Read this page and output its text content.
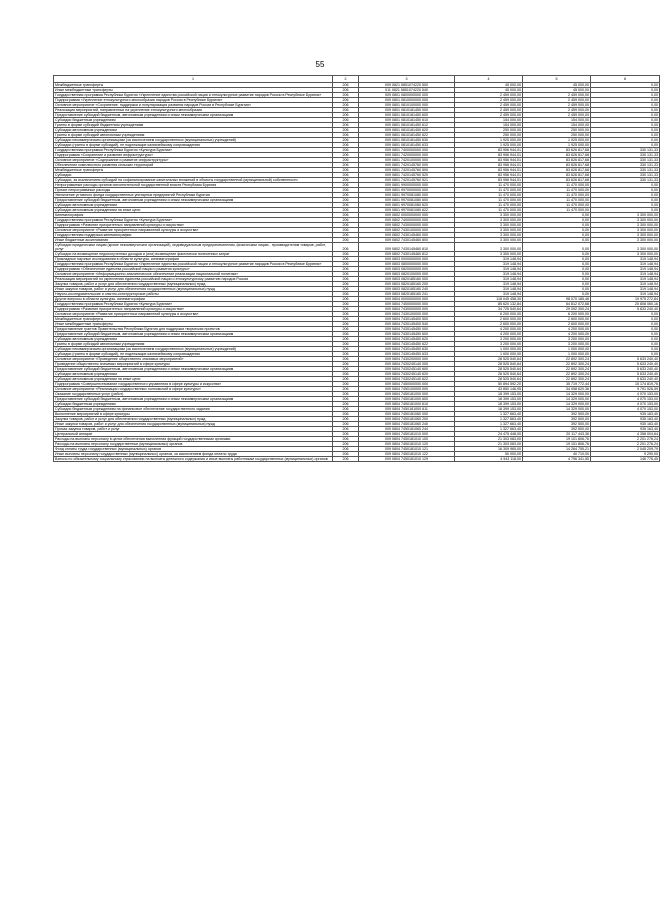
55
1	2	3	4	5	6
Межбюджетные трансферты	206	009 0821 5851074220 500	45 000,00	45 000,00	0,00
Иные межбюджетные трансферты	206	011 0821 5851074220 540	45 000,00	45 000,00	0,00
Государственная программа Республики Бурятия «Укрепление единства российской нации и этнокультурное развитие народов России в Республике Бурятия»	206	009 0801 0800000000 000	2 459 000,00	2 459 000,00	0,00
Подпрограмма «Укрепление этнокультурного многообразия народов России в Республике Бурятия»	206	009 0801 0810000000 000	2 459 000,00	2 459 000,00	0,00
Основное мероприятие «Сохранение, поддержка и популяризация развития народов России в Республике Бурятия»	206	009 0801 0810100000 000	2 459 000,00	2 459 000,00	0,00
Реализация мероприятий, направленных на укрепление этнокультурного многообразия	206	009 0801 0810181450 000	2 459 000,00	2 459 000,00	0,00
Предоставление субсидий бюджетным, автономным учреждениям и иным некоммерческим организациям	206	009 0801 0810181450 600	2 459 000,00	2 459 000,00	0,00
Субсидии бюджетным учреждениям	206	009 0801 0810181450 610	154 000,00	154 000,00	0,00
Гранты в форме субсидий бюджетным учреждениям	206	009 0801 0810181450 612	154 000,00	154 000,00	0,00
Субсидии автономным учреждениям	206	009 0801 0810181450 620	250 000,00	250 000,00	0,00
Гранты в форме субсидий автономным учреждениям	206	009 0801 0810181450 622	250 000,00	250 000,00	0,00
Субсидии некоммерческим организациям (за исключением государственных (муниципальных) учреждений)	206	009 0801 0810181450 630	1 925 000,00	1 925 000,00	0,00
Субсидии (гранты в форме субсидий), не подлежащие казначейскому сопровождению	206	009 0801 0810181450 633	1 925 000,00	1 925 000,00	0,00
Государственная программа Республики Бурятия «Культура Бурятии»	206	009 0801 7400000000 000	83 956 944,01	83 626 817,68	330 131,33
Подпрограмма «Сохранение и развитие инфраструктуры»	206	009 0801 7420000000 000	83 956 944,01	83 626 817,68	330 131,33
Основное мероприятие «Содержание и развитие инфраструктуры»	206	009 0801 7420100000 000	83 956 944,01	83 626 817,68	330 131,33
Обеспечение комплексного развития сельских территорий	206	009 0801 7420145760 000	83 956 944,01	83 626 817,68	330 131,33
Межбюджетные трансферты	206	009 0801 7420145760 500	83 956 944,01	83 626 817,68	330 131,33
Субсидии	206	009 0801 7420145760 520	83 956 944,01	83 626 817,68	330 131,33
Субсидии, за исключением субсидий на софинансирование капитальных вложений в объекты государственной (муниципальной) собственности	206	009 0801 7420145760 521	83 956 944,01	83 626 817,68	330 131,33
Непрограммные расходы органов исполнительной государственной власти Республики Бурятия	206	009 0801 9900000000 000	11 470 000,00	11 470 000,00	0,00
Прочие непрограммные расходы	206	009 0801 9970000000 000	11 470 000,00	11 470 000,00	0,00
Увеличение уставного фонда государственных унитарных предприятий Республики Бурятия	206	009 0801 9970081080 000	11 470 000,00	11 470 000,00	0,00
Предоставление субсидий бюджетным, автономным учреждениям и иным некоммерческим организациям	206	009 0801 9970081080 600	11 470 000,00	11 470 000,00	0,00
Субсидии автономным учреждениям	206	009 0801 9970081080 620	11 470 000,00	11 470 000,00	0,00
Субсидии автономным учреждениям на иные цели	206	009 0801 9970081080 622	11 470 000,00	11 470 000,00	0,00
Кинематография	206	009 0802 0000000000 000	3 300 000,00	0,00	3 300 000,00
Государственная программа Республики Бурятия «Культура Бурятии»	206	009 0802 7400000000 000	3 300 000,00	0,00	3 300 000,00
Подпрограмма «Развитие приоритетных направлений культуры и искусства»	206	009 0802 7430000000 000	3 300 000,00	0,00	3 300 000,00
Основное мероприятие «Развитие приоритетных направлений культуры и искусства»	206	009 0802 7430100000 000	3 300 000,00	0,00	3 300 000,00
Государственная поддержка кинематографии	206	009 0802 7430145460 000	3 300 000,00	0,00	3 300 000,00
Иные бюджетные ассигнования	206	009 0802 7430145460 800	3 300 000,00	0,00	3 300 000,00
Субсидии юридическим лицам (кроме некоммерческих организаций), индивидуальным предпринимателям, физическим лицам - производителям товаров, работ, услуг	206	009 0802 7430145460 810	3 300 000,00	0,00	3 300 000,00
Субсидии на возмещение недополученных доходов и (или) возмещение фактически понесенных затрат	206	009 0802 7430145460 812	3 300 000,00	0,00	3 300 000,00
Прикладные научные исследования в области культуры, кинематографии	206	009 0803 0000000000 000	319 148,94	0,00	319 148,94
Государственная программа Республики Бурятия «Укрепление единства российской нации и этнокультурное развитие народов России в Республике Бурятия»	206	009 0803 0800000000 000	319 148,94	0,00	319 148,94
Подпрограмма «Обеспечение единства российской нации и развития культуры»	206	009 0803 0820000000 000	319 148,94	0,00	319 148,94
Основное мероприятие «Информационно-аналитическое обеспечение реализации национальной политики»	206	009 0803 0820100000 000	319 148,94	0,00	319 148,94
Реализация мероприятий по укреплению единства российской нации и этнокультурному развитию народов России	206	009 0803 0820185160 000	319 148,94	0,00	319 148,94
Закупка товаров, работ и услуг для обеспечения государственных (муниципальных) нужд	206	009 0803 0820185160 200	319 148,94	0,00	319 148,94
Иные закупки товаров, работ и услуг для обеспечения государственных (муниципальных) нужд	206	009 0803 0820185160 240	319 148,94	0,00	319 148,94
Научно-исследовательские и опытно-конструкторские работы	206	009 0803 0820185160 241	319 148,94	0,00	319 148,94
Другие вопросы в области культуры, кинематографии	206	009 0804 0000000000 000	118 045 458,30	98 070 185,46	19 975 272,84
Государственная программа Республики Бурятия «Культура Бурятии»	206	009 0804 7400000000 000	85 620 132,84	64 812 072,68	20 808 060,16
Подпрограмма «Развитие приоритетных направлений культуры и искусства»	206	009 0804 7430000000 000	34 725 540,64	29 092 300,24	5 633 240,40
Основное мероприятие «Развитие приоритетных направлений культуры и искусства»	206	009 0804 7430100000 000	6 200 000,00	6 200 000,00	0,00
Межбюджетные трансферты	206	009 0804 7430145400 500	2 600 000,00	2 600 000,00	0,00
Иные межбюджетные трансферты	206	009 0804 7430145400 540	2 600 000,00	2 600 000,00	0,00
Предоставление грантов Правительства Республики Бурятия для поддержки творческих проектов	206	009 0804 7430145450 000	4 200 000,00	4 200 000,00	0,00
Предоставление субсидий бюджетным, автономным учреждениям и иным некоммерческим организациям	206	009 0804 7430145450 600	4 200 000,00	4 200 000,00	0,00
Субсидии автономным учреждениям	206	009 0804 7430145450 620	3 200 000,00	3 200 000,00	0,00
Гранты в форме субсидий автономным учреждениям	206	009 0804 7430145450 622	3 200 000,00	3 200 000,00	0,00
Субсидии некоммерческим организациям (за исключением государственных (муниципальных) учреждений)	206	009 0804 7430145450 630	1 000 000,00	1 000 000,00	0,00
Субсидии (гранты в форме субсидий), не подлежащие казначейскому сопровождению	206	009 0804 7430145450 633	1 000 000,00	1 000 000,00	0,00
Основное мероприятие «Проведение общественно значимых мероприятий»	206	009 0804 7430200000 000	28 525 540,64	22 892 300,24	5 633 240,40
Проведение общественно значимых мероприятий в сфере культуры	206	009 0804 7430245140 000	28 525 540,64	22 892 300,24	5 633 240,40
Предоставление субсидий бюджетным, автономным учреждениям и иным некоммерческим организациям	206	009 0804 7430245140 600	28 525 540,64	22 892 300,24	5 633 240,40
Субсидии автономным учреждениям	206	009 0804 7430245140 620	28 525 540,64	22 892 300,24	5 633 240,40
Субсидии автономным учреждениям на иные цели	206	009 0804 7430245140 622	28 525 540,64	22 892 300,24	5 633 240,40
Подпрограмма «Совершенствование государственного управления в сфере культуры и искусства»	206	009 0804 7450000000 000	50 894 592,20	35 719 772,44	15 174 819,76
Основное мероприятие «Реализация государственных полномочий в сфере культуры»	206	009 0804 7450100000 000	43 850 146,95	34 058 620,36	9 791 526,59
Оказание государственных услуг (работ)	206	009 0804 7450181000 000	18 399 153,00	14 329 000,00	4 070 153,00
Предоставление субсидий бюджетным, автономным учреждениям и иным некоммерческим организациям	206	009 0804 7450181000 600	18 399 153,00	14 329 000,00	4 070 153,00
Субсидии бюджетным учреждениям	206	009 0804 7450181000 610	18 399 153,00	14 329 000,00	4 070 153,00
Субсидии бюджетным учреждениям на финансовое обеспечение государственного задания	206	009 0804 7450181000 611	18 399 153,00	14 329 000,00	4 070 153,00
Выполнение мероприятий в сфере культуры	206	009 0804 7450181060 000	1 327 663,40	392 500,00	935 163,40
Закупка товаров, работ и услуг для обеспечения государственных (муниципальных) нужд	206	009 0804 7450181060 200	1 327 663,40	392 500,00	935 163,40
Иные закупки товаров, работ и услуг для обеспечения государственных (муниципальных) нужд	206	009 0804 7450181060 240	1 327 663,40	392 500,00	935 163,40
Прочая закупка товаров, работ и услуг	206	009 0804 7450181060 244	1 327 663,40	392 500,00	935 163,40
Центральный аппарат	206	009 0804 7450181010 000	24 475 448,00	20 117 443,36	4 358 004,64
Расходы на выплаты персоналу в целях обеспечения выполнения функций государственными органами	206	009 0804 7450181010 100	21 303 083,00	19 101 806,76	2 201 276,24
Расходы на выплаты персоналу государственных (муниципальных) органов	206	009 0804 7450181010 120	21 303 083,00	19 101 806,76	2 201 276,24
Фонд оплаты труда государственных (муниципальных) органов	206	009 0804 7450181010 121	16 309 965,00	14 264 755,21	2 045 209,79
Иные выплаты персоналу государственных (муниципальных) органов, за исключением фонда оплаты труда	206	009 0804 7450181010 122	50 000,00	40 710,00	9 290,00
Взносы по обязательному социальному страхованию на выплаты денежного содержания и иные выплаты работникам государственных (муниципальных) органов	206	009 0804 7450181010 129	4 943 118,00	4 796 341,55	146 776,45
